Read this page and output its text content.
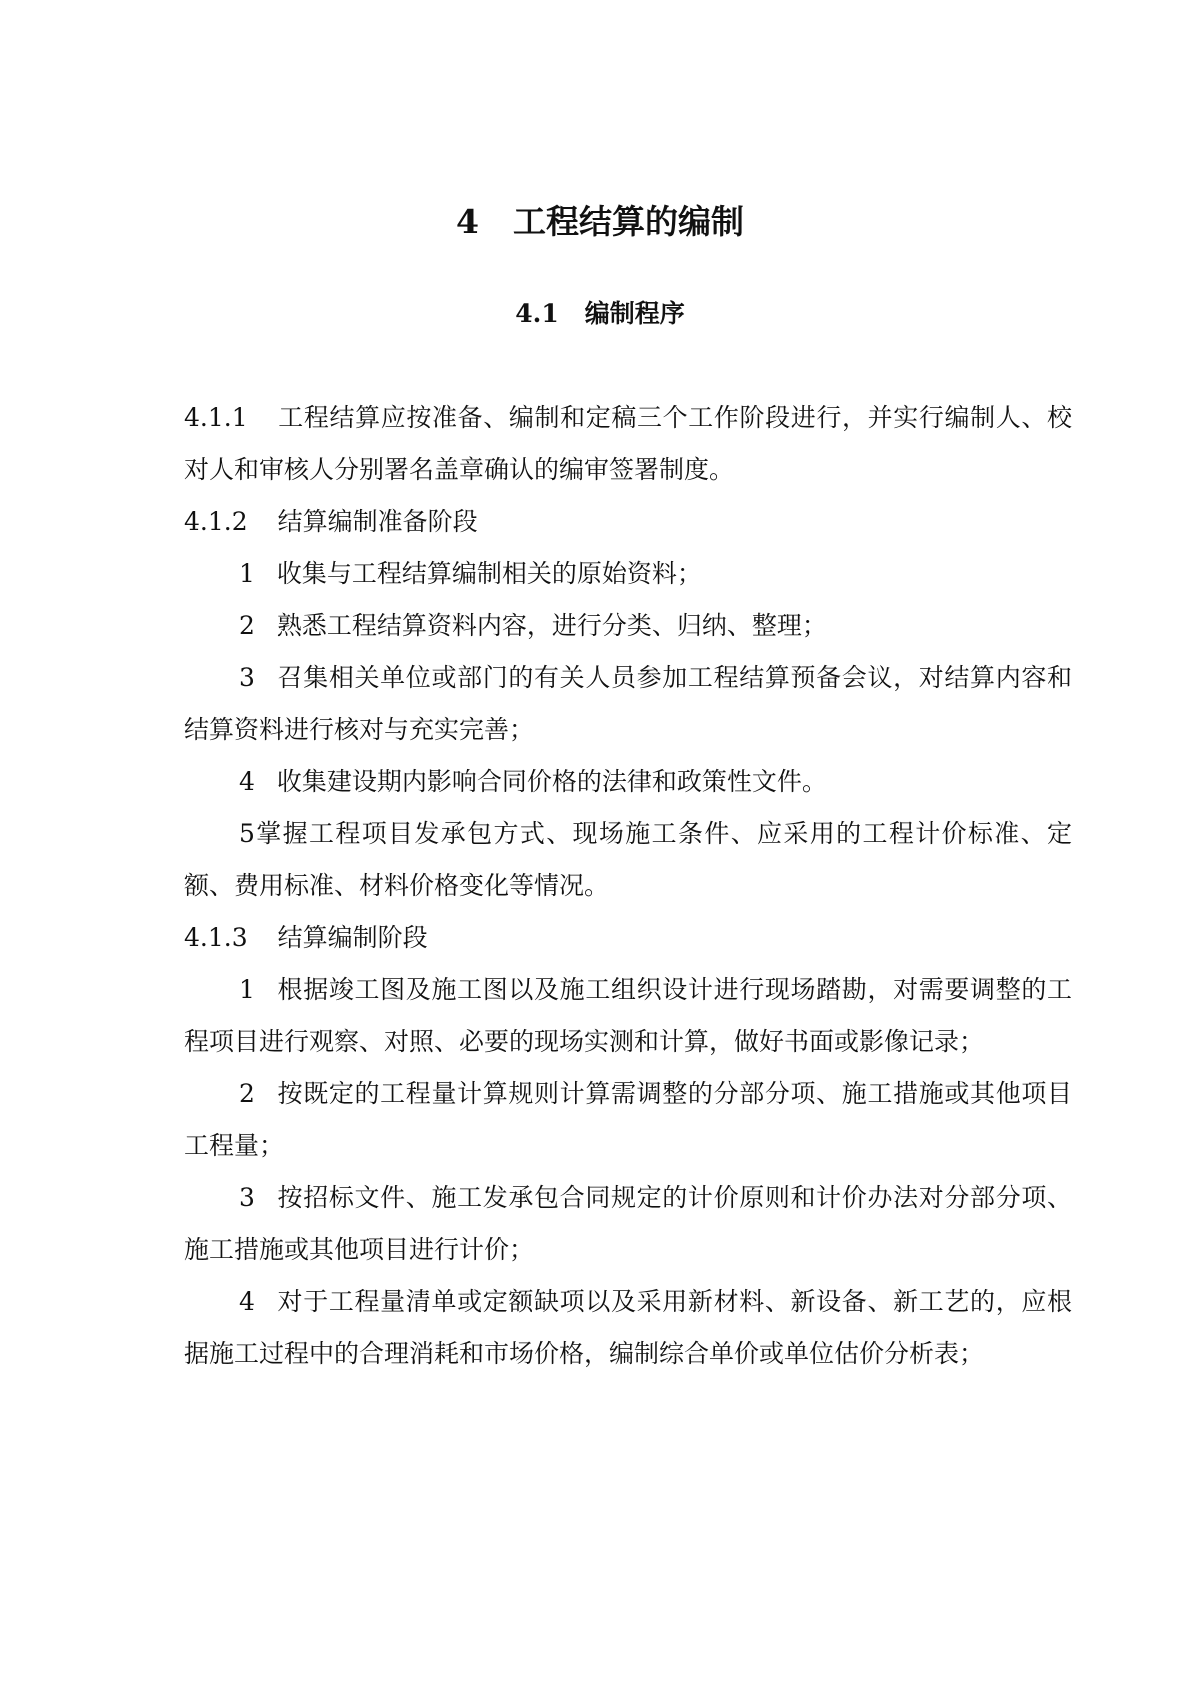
4 工程结算的编制
4.1 编制程序

4.1.1 工程结算应按准备、编制和定稿三个工作阶段进行，并实行编制人、校对人和审核人分别署名盖章确认的编审签署制度。

4.1.2 结算编制准备阶段

1 收集与工程结算编制相关的原始资料；

2 熟悉工程结算资料内容，进行分类、归纳、整理；

3 召集相关单位或部门的有关人员参加工程结算预备会议，对结算内容和结算资料进行核对与充实完善；

4 收集建设期内影响合同价格的法律和政策性文件。

5掌握工程项目发承包方式、现场施工条件、应采用的工程计价标准、定额、费用标准、材料价格变化等情况。

4.1.3 结算编制阶段

1 根据竣工图及施工图以及施工组织设计进行现场踏勘，对需要调整的工程项目进行观察、对照、必要的现场实测和计算，做好书面或影像记录；

2 按既定的工程量计算规则计算需调整的分部分项、施工措施或其他项目工程量；

3 按招标文件、施工发承包合同规定的计价原则和计价办法对分部分项、施工措施或其他项目进行计价；

4 对于工程量清单或定额缺项以及采用新材料、新设备、新工艺的，应根据施工过程中的合理消耗和市场价格，编制综合单价或单位估价分析表；
